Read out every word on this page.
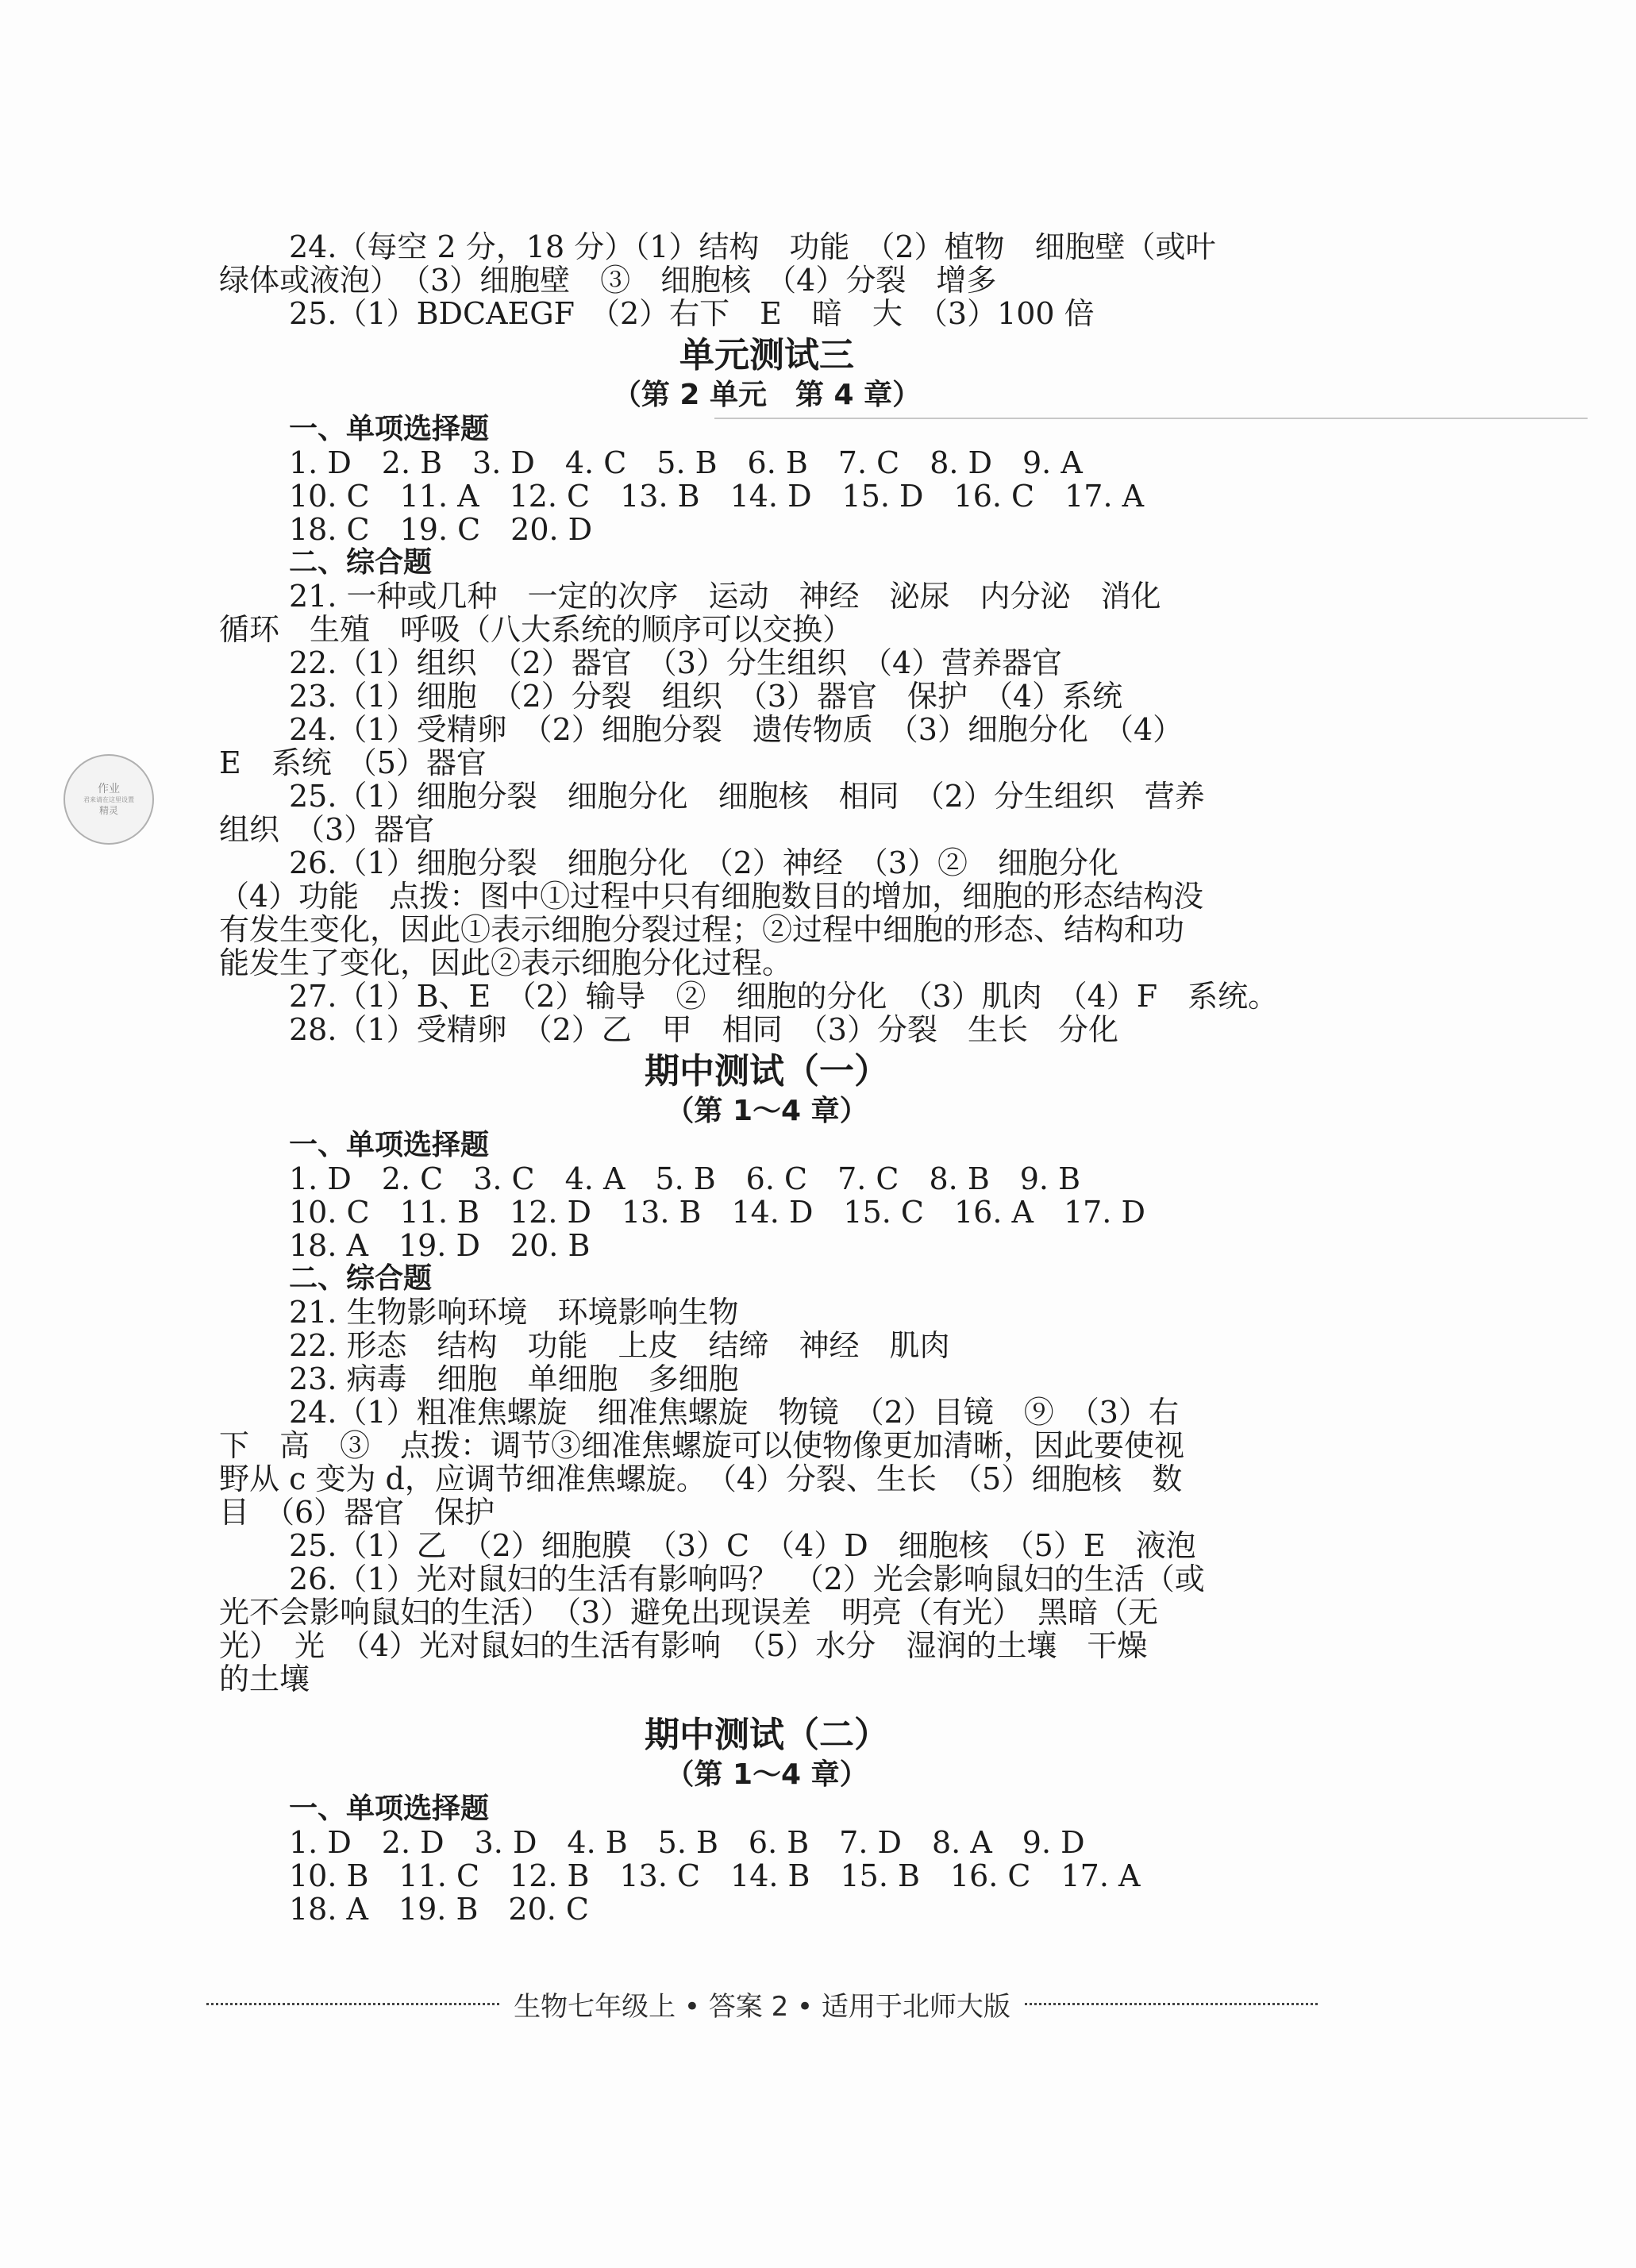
作业
君来请在这里设置
精灵
24.（每空 2 分，18 分）（1）结构　功能　（2）植物　细胞壁（或叶
绿体或液泡）　（3）细胞壁　③　细胞核　（4）分裂　增多
25.（1）BDCAEGF　（2）右下　E　暗　大　（3）100 倍
单元测试三
（第 2 单元　第 4 章）
一、单项选择题
1. D　2. B　3. D　4. C　5. B　6. B　7. C　8. D　9. A
10. C　11. A　12. C　13. B　14. D　15. D　16. C　17. A
18. C　19. C　20. D
二、综合题
21. 一种或几种　一定的次序　运动　神经　泌尿　内分泌　消化
循环　生殖　呼吸（八大系统的顺序可以交换）
22.（1）组织　（2）器官　（3）分生组织　（4）营养器官
23.（1）细胞　（2）分裂　组织　（3）器官　保护　（4）系统
24.（1）受精卵　（2）细胞分裂　遗传物质　（3）细胞分化　（4）
E　系统　（5）器官
25.（1）细胞分裂　细胞分化　细胞核　相同　（2）分生组织　营养
组织　（3）器官
26.（1）细胞分裂　细胞分化　（2）神经　（3）②　细胞分化
（4）功能　点拨：图中①过程中只有细胞数目的增加，细胞的形态结构没
有发生变化，因此①表示细胞分裂过程；②过程中细胞的形态、结构和功
能发生了变化，因此②表示细胞分化过程。
27.（1）B、E　（2）输导　②　细胞的分化　（3）肌肉　（4）F　系统。
28.（1）受精卵　（2）乙　甲　相同　（3）分裂　生长　分化
期中测试（一）
（第 1～4 章）
一、单项选择题
1. D　2. C　3. C　4. A　5. B　6. C　7. C　8. B　9. B
10. C　11. B　12. D　13. B　14. D　15. C　16. A　17. D
18. A　19. D　20. B
二、综合题
21. 生物影响环境　环境影响生物
22. 形态　结构　功能　上皮　结缔　神经　肌肉
23. 病毒　细胞　单细胞　多细胞
24.（1）粗准焦螺旋　细准焦螺旋　物镜　（2）目镜　⑨　（3）右
下　高　③　点拨：调节③细准焦螺旋可以使物像更加清晰，因此要使视
野从 c 变为 d，应调节细准焦螺旋。　（4）分裂、生长　（5）细胞核　数
目　（6）器官　保护
25.（1）乙　（2）细胞膜　（3）C　（4）D　细胞核　（5）E　液泡
26.（1）光对鼠妇的生活有影响吗？　（2）光会影响鼠妇的生活（或
光不会影响鼠妇的生活）　（3）避免出现误差　明亮（有光）　黑暗（无
光）　光　（4）光对鼠妇的生活有影响　（5）水分　湿润的土壤　干燥
的土壤
期中测试（二）
（第 1～4 章）
一、单项选择题
1. D　2. D　3. D　4. B　5. B　6. B　7. D　8. A　9. D
10. B　11. C　12. B　13. C　14. B　15. B　16. C　17. A
18. A　19. B　20. C
生物七年级上 • 答案 2 • 适用于北师大版
